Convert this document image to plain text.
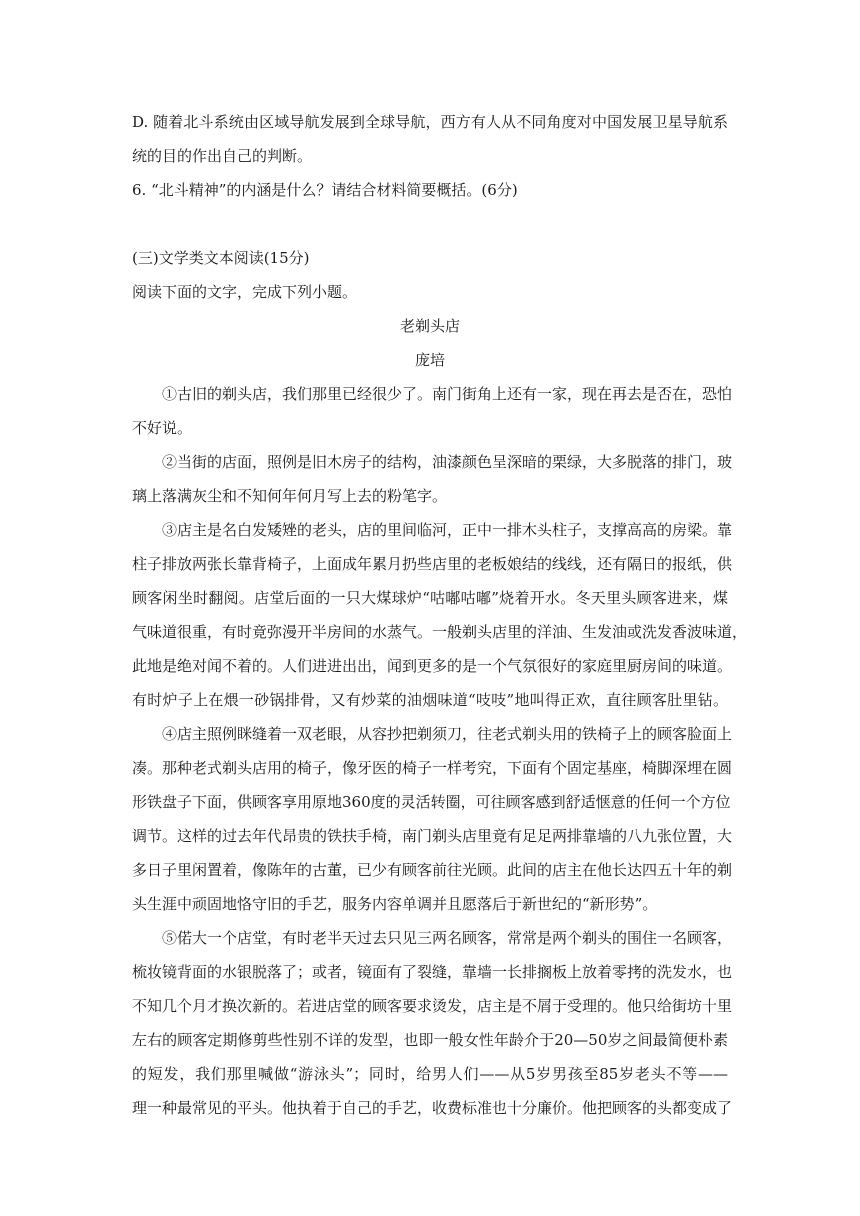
D. 随着北斗系统由区域导航发展到全球导航，西方有人从不同角度对中国发展卫星导航系
统的目的作出自己的判断。
6. “北斗精神”的内涵是什么？请结合材料简要概括。(6分)
(三)文学类文本阅读(15分)
阅读下面的文字，完成下列小题。
老剃头店
庞培
①古旧的剃头店，我们那里已经很少了。南门街角上还有一家，现在再去是否在，恐怕
不好说。
②当街的店面，照例是旧木房子的结构，油漆颜色呈深暗的栗绿，大多脱落的排门，玻
璃上落满灰尘和不知何年何月写上去的粉笔字。
③店主是名白发矮矬的老头，店的里间临河，正中一排木头柱子，支撑高高的房梁。靠
柱子排放两张长靠背椅子，上面成年累月扔些店里的老板娘结的线线，还有隔日的报纸，供
顾客闲坐时翻阅。店堂后面的一只大煤球炉“咕嘟咕嘟”烧着开水。冬天里头顾客进来，煤
气味道很重，有时竟弥漫开半房间的水蒸气。一般剃头店里的洋油、生发油或洗发香波味道，
此地是绝对闻不着的。人们进进出出，闻到更多的是一个气氛很好的家庭里厨房间的味道。
有时炉子上在煨一砂锅排骨，又有炒菜的油烟味道“吱吱”地叫得正欢，直往顾客肚里钻。
④店主照例眯缝着一双老眼，从容抄把剃须刀，往老式剃头用的铁椅子上的顾客脸面上
凑。那种老式剃头店用的椅子，像牙医的椅子一样考究，下面有个固定基座，椅脚深埋在圆
形铁盘子下面，供顾客享用原地360度的灵活转圈，可往顾客感到舒适惬意的任何一个方位
调节。这样的过去年代昂贵的铁扶手椅，南门剃头店里竟有足足两排靠墙的八九张位置，大
多日子里闲置着，像陈年的古董，已少有顾客前往光顾。此间的店主在他长达四五十年的剃
头生涯中顽固地恪守旧的手艺，服务内容单调并且愿落后于新世纪的“新形势”。
⑤偌大一个店堂，有时老半天过去只见三两名顾客，常常是两个剃头的围住一名顾客，
梳妆镜背面的水银脱落了；或者，镜面有了裂缝，靠墙一长排搁板上放着零拷的洗发水，也
不知几个月才换次新的。若进店堂的顾客要求烫发，店主是不屑于受理的。他只给街坊十里
左右的顾客定期修剪些性别不详的发型，也即一般女性年龄介于20—50岁之间最简便朴素
的短发，我们那里喊做“游泳头”；同时，给男人们——从5岁男孩至85岁老头不等——
理一种最常见的平头。他执着于自己的手艺，收费标准也十分廉价。他把顾客的头都变成了
